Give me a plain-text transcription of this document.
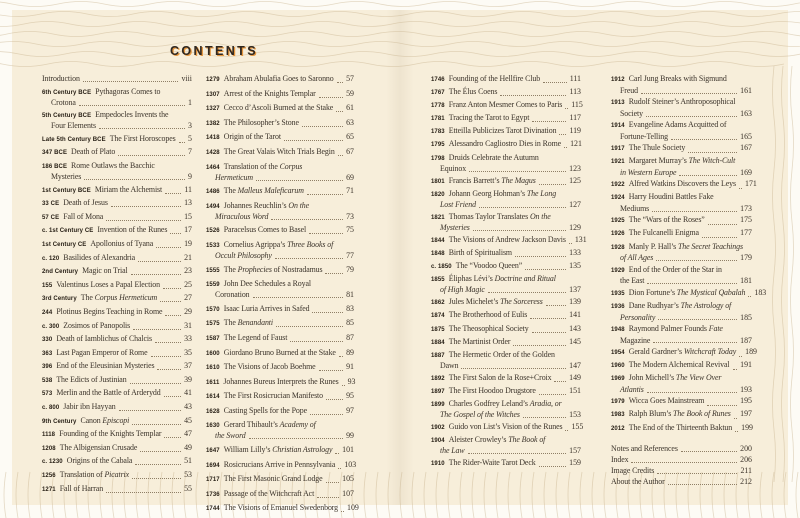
CONTENTS
Introduction	viii
6th Century BCE Pythagoras Comes to
Crotona	1
5th Century BCE Empedocles Invents the
Four Elements	3
Late 5th Century BCE The First Horoscopes 5
347 BCE Death of Plato	7
186 BCE Rome Outlaws the Bacchic
Mysteries	9
1st Century BCE Miriam the Alchemist	11
33 CE Death of Jesus	13
57 CE Fall of Mona	15
c. 1st Century CE Invention of the Runes 17
1st Century CE Apollonius of Tyana	19
c. 120 Basilides of Alexandria	21
2nd Century Magic on Trial	23
155 Valentinus Loses a Papal Election	25
3rd Century The Corpus Hermeticum	27
244 Plotinus Begins Teaching in Rome	29
c. 300 Zosimos of Panopolis	31
330 Death of Iamblichus of Chalcis	33
363 Last Pagan Emperor of Rome	35
396 End of the Eleusinian Mysteries	37
538 The Edicts of Justinian	39
573 Merlin and the Battle of Arderydd	41
c. 800 Jabir ibn Hayyan	43
9th Century Canon Episcopi	45
1118 Founding of the Knights Templar	47
1208 The Albigensian Crusade	49
c. 1230 Origins of the Cabala	51
1256 Translation of Picatrix	53
1271 Fall of Harran	55
1279 Abraham Abulafia Goes to Saronno 57
1307 Arrest of the Knights Templar	59
1327 Cecco d’Ascoli Burned at the Stake 61
1382 The Philosopher’s Stone	63
1418 Origin of the Tarot	65
1428 The Great Valais Witch Trials Begin 67
1464 Translation of the Corpus
Hermeticum	69
1486 The Malleus Maleficarum	71
1494 Johannes Reuchlin’s On the
Miraculous Word	73
1526 Paracelsus Comes to Basel	75
1533 Cornelius Agrippa’s Three Books of
Occult Philosophy	77
1555 The Prophecies of Nostradamus	79
1559 John Dee Schedules a Royal
Coronation	81
1570 Isaac Luria Arrives in Safed	83
1575 The Benandanti	85
1587 The Legend of Faust	87
1600 Giordano Bruno Burned at the Stake 89
1610 The Visions of Jacob Boehme	91
1611 Johannes Bureus Interprets the Runes 93
1614 The First Rosicrucian Manifesto	95
1628 Casting Spells for the Pope	97
1630 Gerard Thibault’s Academy of
the Sword	99
1647 William Lilly’s Christian Astrology 101
1694 Rosicrucians Arrive in Pennsylvania 103
1717 The First Masonic Grand Lodge 105
1736 Passage of the Witchcraft Act	107
1744 The Visions of Emanuel Swedenborg 109
1746 Founding of the Hellfire Club	111
1767 The Élus Coens	113
1778 Franz Anton Mesmer Comes to Paris 115
1781 Tracing the Tarot to Egypt	117
1783 Etteilla Publicizes Tarot Divination 119
1795 Alessandro Cagliostro Dies in Rome 121
1798 Druids Celebrate the Autumn
Equinox	123
1801 Francis Barrett’s The Magus	125
1820 Johann Georg Hohman’s The Long
Lost Friend	127
1821 Thomas Taylor Translates On the
Mysteries	129
1844 The Visions of Andrew Jackson Davis 131
1848 Birth of Spiritualism	133
c. 1850 The “Voodoo Queen”	135
1855 Éliphas Lévi’s Doctrine and Ritual
of High Magic	137
1862 Jules Michelet’s The Sorceress	139
1874 The Brotherhood of Eulis	141
1875 The Theosophical Society	143
1884 The Martinist Order	145
1887 The Hermetic Order of the Golden
Dawn	147
1892 The First Salon de la Rose+Croix 149
1897 The First Hoodoo Drugstore	151
1899 Charles Godfrey Leland’s Aradia, or
The Gospel of the Witches	153
1902 Guido von List’s Vision of the Runes 155
1904 Aleister Crowley’s The Book of
the Law	157
1910 The Rider-Waite Tarot Deck	159
1912 Carl Jung Breaks with Sigmund
Freud	161
1913 Rudolf Steiner’s Anthroposophical
Society	163
1914 Evangeline Adams Acquitted of
Fortune-Telling	165
1917 The Thule Society	167
1921 Margaret Murray’s The Witch-Cult
in Western Europe	169
1922 Alfred Watkins Discovers the Leys 171
1924 Harry Houdini Battles Fake
Mediums	173
1925 The “Wars of the Roses”	175
1926 The Fulcanelli Enigma	177
1928 Manly P. Hall’s The Secret Teachings
of All Ages	179
1929 End of the Order of the Star in
the East	181
1935 Dion Fortune’s The Mystical Qabalah 183
1936 Dane Rudhyar’s The Astrology of
Personality	185
1948 Raymond Palmer Founds Fate
Magazine	187
1954 Gerald Gardner’s Witchcraft Today 189
1960 The Modern Alchemical Revival 191
1969 John Michell’s The View Over
Atlantis	193
1979 Wicca Goes Mainstream	195
1983 Ralph Blum’s The Book of Runes 197
2012 The End of the Thirteenth Baktun 199
Notes and References	200
Index	206
Image Credits	211
About the Author	212
